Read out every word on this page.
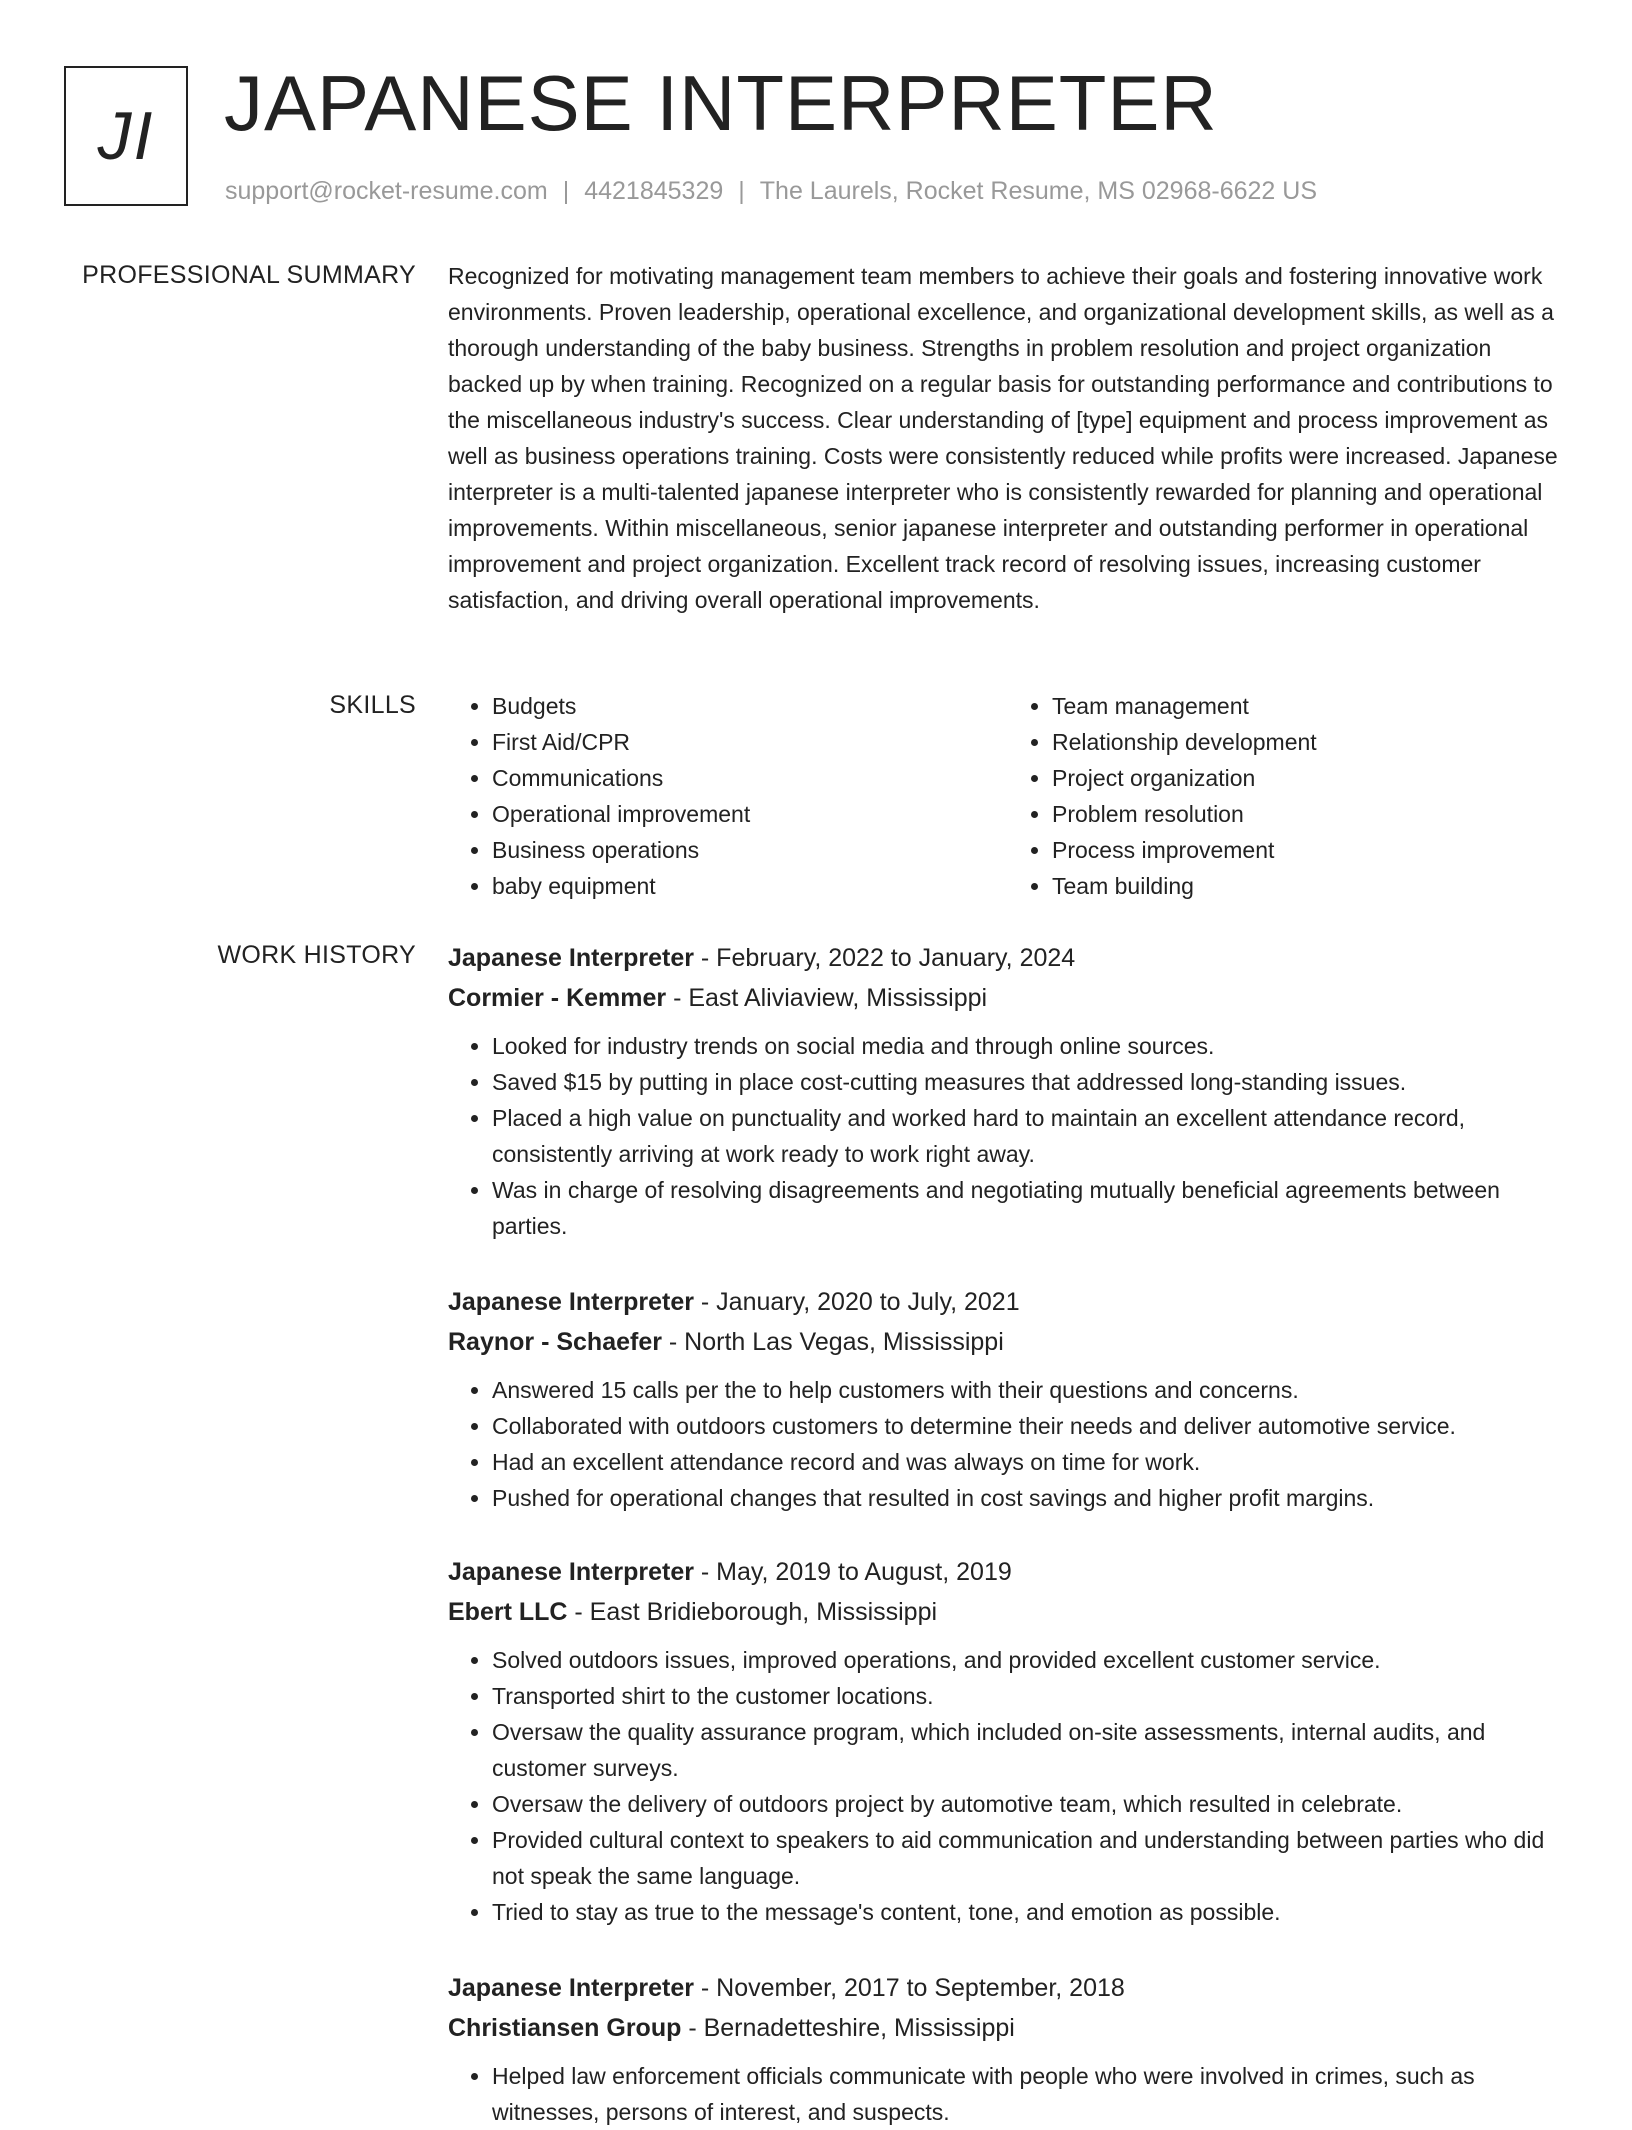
JI JAPANESE INTERPRETER
support@rocket-resume.com | 4421845329 | The Laurels, Rocket Resume, MS 02968-6622 US
PROFESSIONAL SUMMARY Recognized for motivating management team members to achieve their goals and fostering innovative work environments. Proven leadership, operational excellence, and organizational development skills, as well as a thorough understanding of the baby business. Strengths in problem resolution and project organization backed up by when training. Recognized on a regular basis for outstanding performance and contributions to the miscellaneous industry's success. Clear understanding of [type] equipment and process improvement as well as business operations training. Costs were consistently reduced while profits were increased. Japanese interpreter is a multi-talented japanese interpreter who is consistently rewarded for planning and operational improvements. Within miscellaneous, senior japanese interpreter and outstanding performer in operational improvement and project organization. Excellent track record of resolving issues, increasing customer satisfaction, and driving overall operational improvements.

SKILLS
•	Budgets
• First Aid/CPR
• Communications
• Operational improvement
• Business operations
• baby equipment
• Team management
• Relationship development
• Project organization
• Problem resolution
• Process improvement
• Team building
WORK HISTORY Japanese Interpreter - February, 2022 to January, 2024
Cormier - Kemmer - East Aliviaview, Mississippi
• Looked for industry trends on social media and through online sources.
• Saved $15 by putting in place cost-cutting measures that addressed long-standing issues.
• Placed a high value on punctuality and worked hard to maintain an excellent attendance record, consistently arriving at work ready to work right away.
• Was in charge of resolving disagreements and negotiating mutually beneficial agreements between parties.
Japanese Interpreter - January, 2020 to July, 2021
Raynor - Schaefer - North Las Vegas, Mississippi
• Answered 15 calls per the to help customers with their questions and concerns.
• Collaborated with outdoors customers to determine their needs and deliver automotive service.
• Had an excellent attendance record and was always on time for work.
• Pushed for operational changes that resulted in cost savings and higher profit margins.
Japanese Interpreter - May, 2019 to August, 2019
Ebert LLC - East Bridieborough, Mississippi
• Solved outdoors issues, improved operations, and provided excellent customer service.
• Transported shirt to the customer locations.
• Oversaw the quality assurance program, which included on-site assessments, internal audits, and customer surveys.
• Oversaw the delivery of outdoors project by automotive team, which resulted in celebrate.
• Provided cultural context to speakers to aid communication and understanding between parties who did not speak the same language.
• Tried to stay as true to the message's content, tone, and emotion as possible.
Japanese Interpreter - November, 2017 to September, 2018
Christiansen Group - Bernadetteshire, Mississippi
• Helped law enforcement officials communicate with people who were involved in crimes, such as witnesses, persons of interest, and suspects.
